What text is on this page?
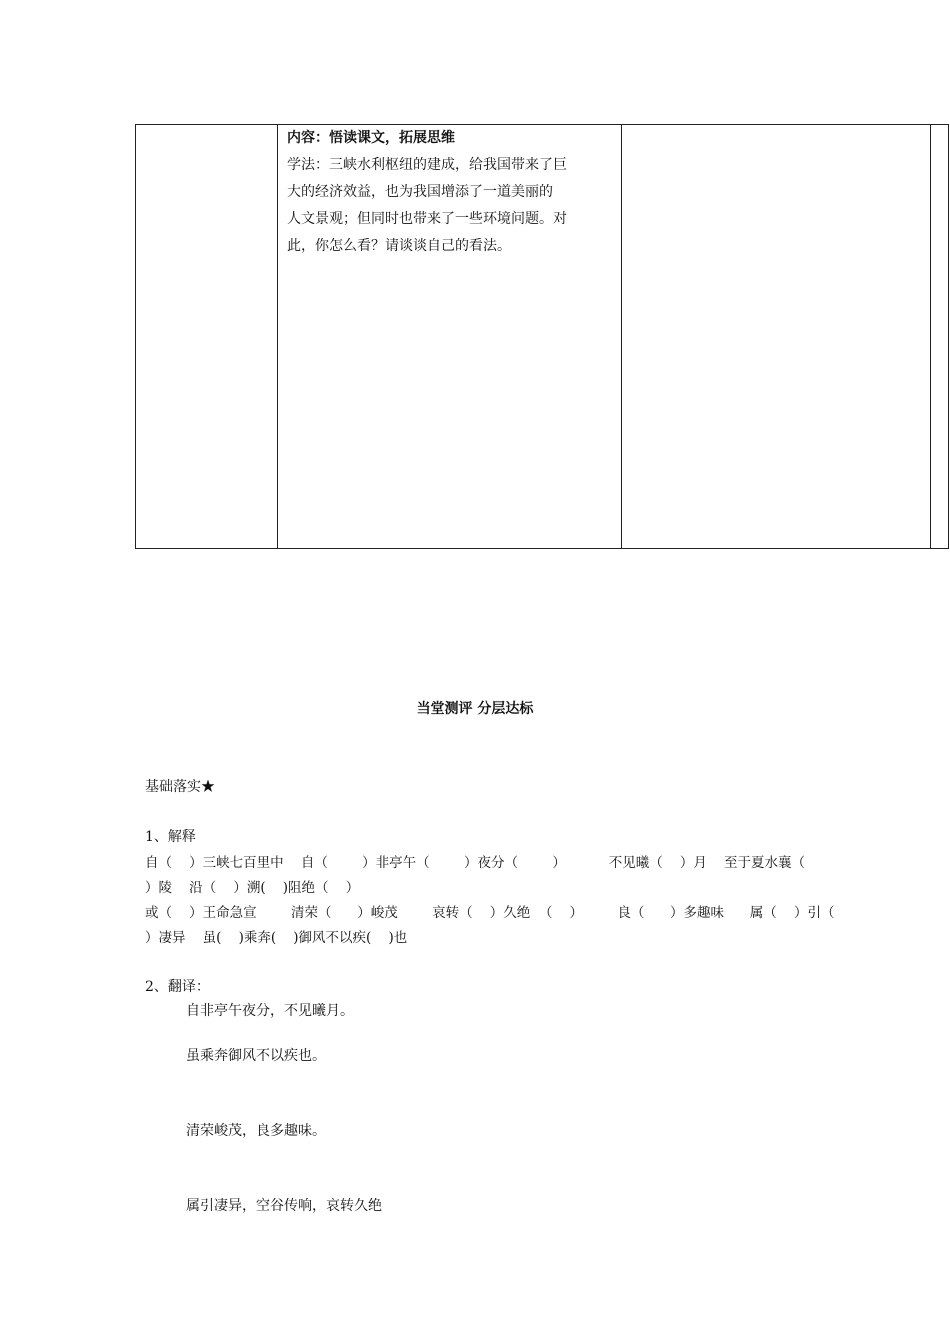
内容：悟读课文，拓展思维
学法：三峡水利枢纽的建成，给我国带来了巨
大的经济效益，也为我国增添了一道美丽的
人文景观；但同时也带来了一些环境问题。对
此，你怎么看？请谈谈自己的看法。
当堂测评 分层达标
基础落实★
1、解释
自（    ）三峡七百里中    自（        ）非亭午（        ）夜分（        ）          不见曦（    ）月    至于夏水襄（
）陵    沿（    ）溯(    )阻绝（    ）
或（    ）王命急宣        清荣（      ）峻茂        哀转（    ）久绝  （    ）        良（      ）多趣味      属（    ）引（
）凄异    虽(    )乘奔(    )御风不以疾(    )也
2、翻译：
自非亭午夜分，不见曦月。
虽乘奔御风不以疾也。
清荣峻茂，良多趣味。
属引凄异，空谷传响，哀转久绝
